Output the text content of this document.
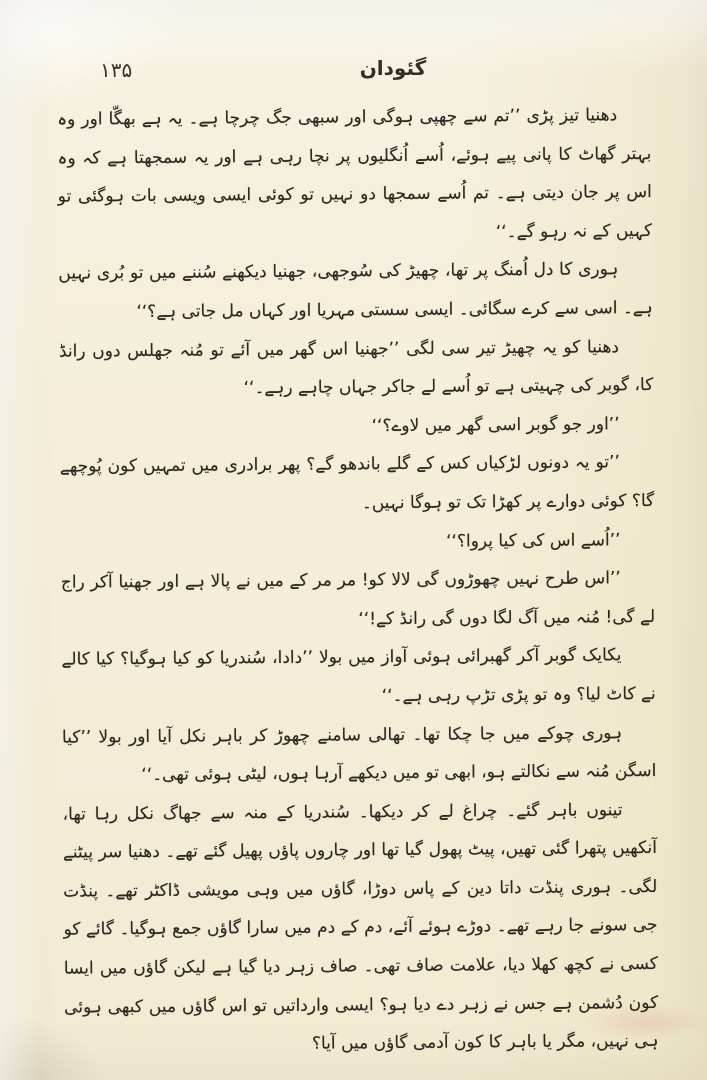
۱۳۵	گئودان

دھنیا تیز پڑی ’’تم سے چھپی ہوگی اور سبھی جگ چرچا ہے۔ یہ ہے بھگّا اور وہ بہتر گھاٹ کا پانی پیے ہوئے، اُسے اُنگلیوں پر نچا رہی ہے اور یہ سمجھتا ہے کہ وہ اس پر جان دیتی ہے۔ تم اُسے سمجھا دو نہیں تو کوئی ایسی ویسی بات ہوگئی تو کہیں کے نہ رہو گے۔‘‘

ہوری کا دل اُمنگ پر تھا، چھیڑ کی سُوجھی، جھنیا دیکھنے سُننے میں تو بُری نہیں ہے۔ اسی سے کرے سگائی۔ ایسی سستی مہریا اور کہاں مل جاتی ہے؟‘‘

دھنیا کو یہ چھیڑ تیر سی لگی ’’جھنیا اس گھر میں آئے تو مُنہ جھلس دوں رانڈ کا، گوبر کی چہیتی ہے تو اُسے لے جاکر جہاں چاہے رہے۔‘‘

’’اور جو گوبر اسی گھر میں لاوے؟‘‘

’’تو یہ دونوں لڑکیاں کس کے گلے باندھو گے؟ پھر برادری میں تمہیں کون پُوچھے گا؟ کوئی دوارے پر کھڑا تک تو ہوگا نہیں۔

’’اُسے اس کی کیا پروا؟‘‘

’’اس طرح نہیں چھوڑوں گی لالا کو! مر مر کے میں نے پالا ہے اور جھنیا آکر راج لے گی! مُنہ میں آگ لگا دوں گی رانڈ کے!‘‘

یکایک گوبر آکر گھبرائی ہوئی آواز میں بولا ’’دادا، سُندریا کو کیا ہوگیا؟ کیا کالے نے کاٹ لیا؟ وہ تو پڑی تڑپ رہی ہے۔‘‘

ہوری چوکے میں جا چکا تھا۔ تھالی سامنے چھوڑ کر باہر نکل آیا اور بولا ’’کیا اسگن مُنہ سے نکالتے ہو، ابھی تو میں دیکھے آرہا ہوں، لیٹی ہوئی تھی۔‘‘

تینوں باہر گئے۔ چراغ لے کر دیکھا۔ سُندریا کے منہ سے جھاگ نکل رہا تھا، آنکھیں پتھرا گئی تھیں، پیٹ پھول گیا تھا اور چاروں پاؤں پھیل گئے تھے۔ دھنیا سر پیٹنے لگی۔ ہوری پنڈت داتا دین کے پاس دوڑا، گاؤں میں وہی مویشی ڈاکٹر تھے۔ پنڈت جی سونے جا رہے تھے۔ دوڑے ہوئے آئے، دم کے دم میں سارا گاؤں جمع ہوگیا۔ گائے کو کسی نے کچھ کھلا دیا، علامت صاف تھی۔ صاف زہر دیا گیا ہے لیکن گاؤں میں ایسا کون دُشمن ہے جس نے زہر دے دیا ہو؟ ایسی وارداتیں تو اس گاؤں میں کبھی ہوئی ہی نہیں، مگر یا باہر کا کون آدمی گاؤں میں آیا؟
